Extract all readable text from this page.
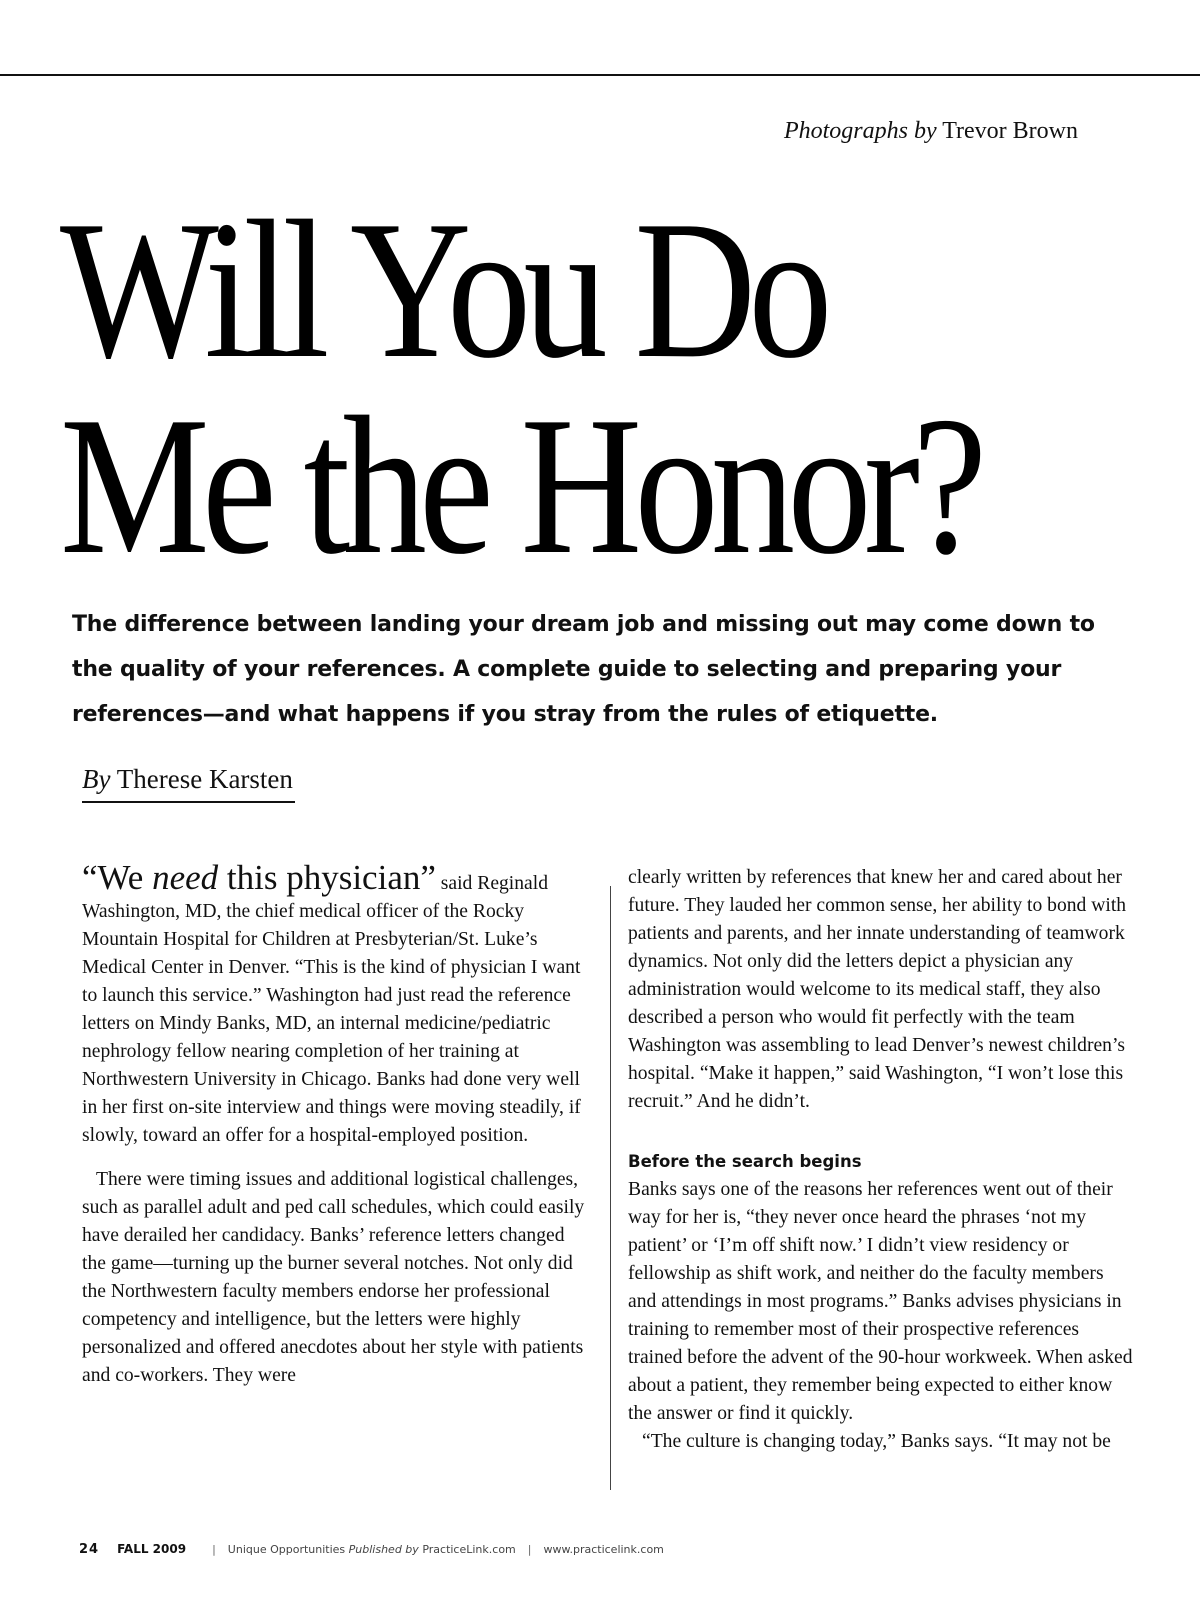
Photographs by Trevor Brown
Will You Do
Me the Honor?

The difference between landing your dream job and missing out may come down to the quality of your references. A complete guide to selecting and preparing your references—and what happens if you stray from the rules of etiquette.

By Therese Karsten

“We need this physician” said Reginald Washington, MD, the chief medical officer of the Rocky Mountain Hospital for Children at Presbyterian/St. Luke’s Medical Center in Denver. “This is the kind of physician I want to launch this service.” Washington had just read the reference letters on Mindy Banks, MD, an internal medicine/pediatric nephrology fellow nearing completion of her training at Northwestern University in Chicago. Banks had done very well in her first on-site interview and things were moving steadily, if slowly, toward an offer for a hospital-employed position.

There were timing issues and additional logistical challenges, such as parallel adult and ped call schedules, which could easily have derailed her candidacy. Banks’ reference letters changed the game—turning up the burner several notches. Not only did the Northwestern faculty members endorse her professional competency and intelligence, but the letters were highly personalized and offered anecdotes about her style with patients and co-workers. They were

clearly written by references that knew her and cared about her future. They lauded her common sense, her ability to bond with patients and parents, and her innate understanding of teamwork dynamics. Not only did the letters depict a physician any administration would welcome to its medical staff, they also described a person who would fit perfectly with the team Washington was assembling to lead Denver’s newest children’s hospital. “Make it happen,” said Washington, “I won’t lose this recruit.” And he didn’t.

Before the search begins

Banks says one of the reasons her references went out of their way for her is, “they never once heard the phrases ‘not my patient’ or ‘I’m off shift now.’ I didn’t view residency or fellowship as shift work, and neither do the faculty members and attendings in most programs.” Banks advises physicians in training to remember most of their prospective references trained before the advent of the 90-hour workweek. When asked about a patient, they remember being expected to either know the answer or find it quickly.

“The culture is changing today,” Banks says. “It may not be

24 FALL 2009 | Unique Opportunities Published by PracticeLink.com | www.practicelink.com
